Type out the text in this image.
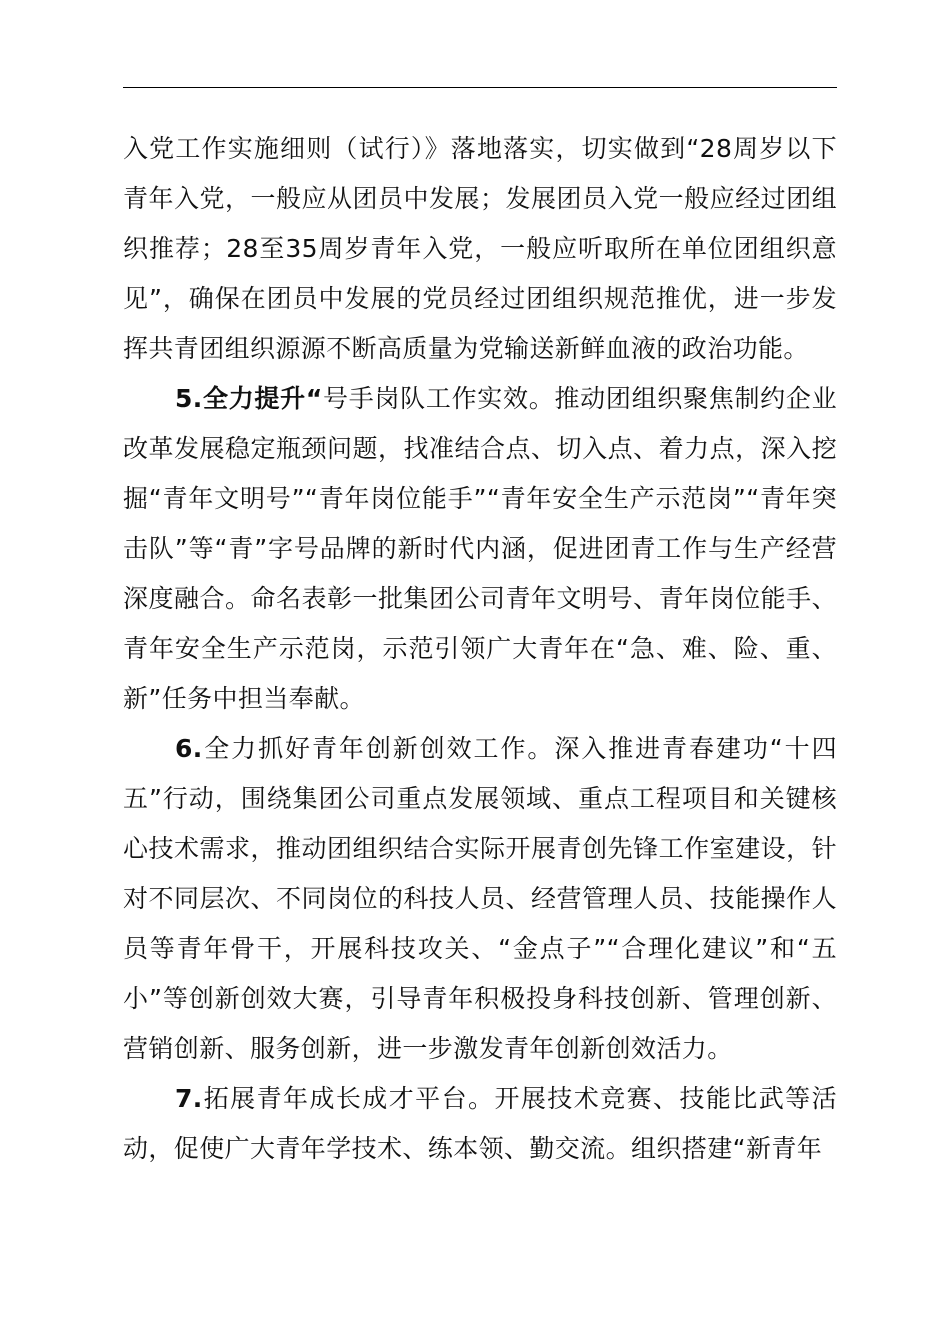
入党工作实施细则（试行）》落地落实，切实做到“28周岁以下青年入党，一般应从团员中发展；发展团员入党一般应经过团组织推荐；28至35周岁青年入党，一般应听取所在单位团组织意见”，确保在团员中发展的党员经过团组织规范推优，进一步发挥共青团组织源源不断高质量为党输送新鲜血液的政治功能。

5.全力提升“号手岗队工作实效。推动团组织聚焦制约企业改革发展稳定瓶颈问题，找准结合点、切入点、着力点，深入挖掘“青年文明号”“青年岗位能手”“青年安全生产示范岗”“青年突击队”等“青”字号品牌的新时代内涵，促进团青工作与生产经营深度融合。命名表彰一批集团公司青年文明号、青年岗位能手、青年安全生产示范岗，示范引领广大青年在“急、难、险、重、新”任务中担当奉献。

6.全力抓好青年创新创效工作。深入推进青春建功“十四五”行动，围绕集团公司重点发展领域、重点工程项目和关键核心技术需求，推动团组织结合实际开展青创先锋工作室建设，针对不同层次、不同岗位的科技人员、经营管理人员、技能操作人员等青年骨干，开展科技攻关、“金点子”“合理化建议”和“五小”等创新创效大赛，引导青年积极投身科技创新、管理创新、营销创新、服务创新，进一步激发青年创新创效活力。

7.拓展青年成长成才平台。开展技术竞赛、技能比武等活动，促使广大青年学技术、练本领、勤交流。组织搭建“新青年
